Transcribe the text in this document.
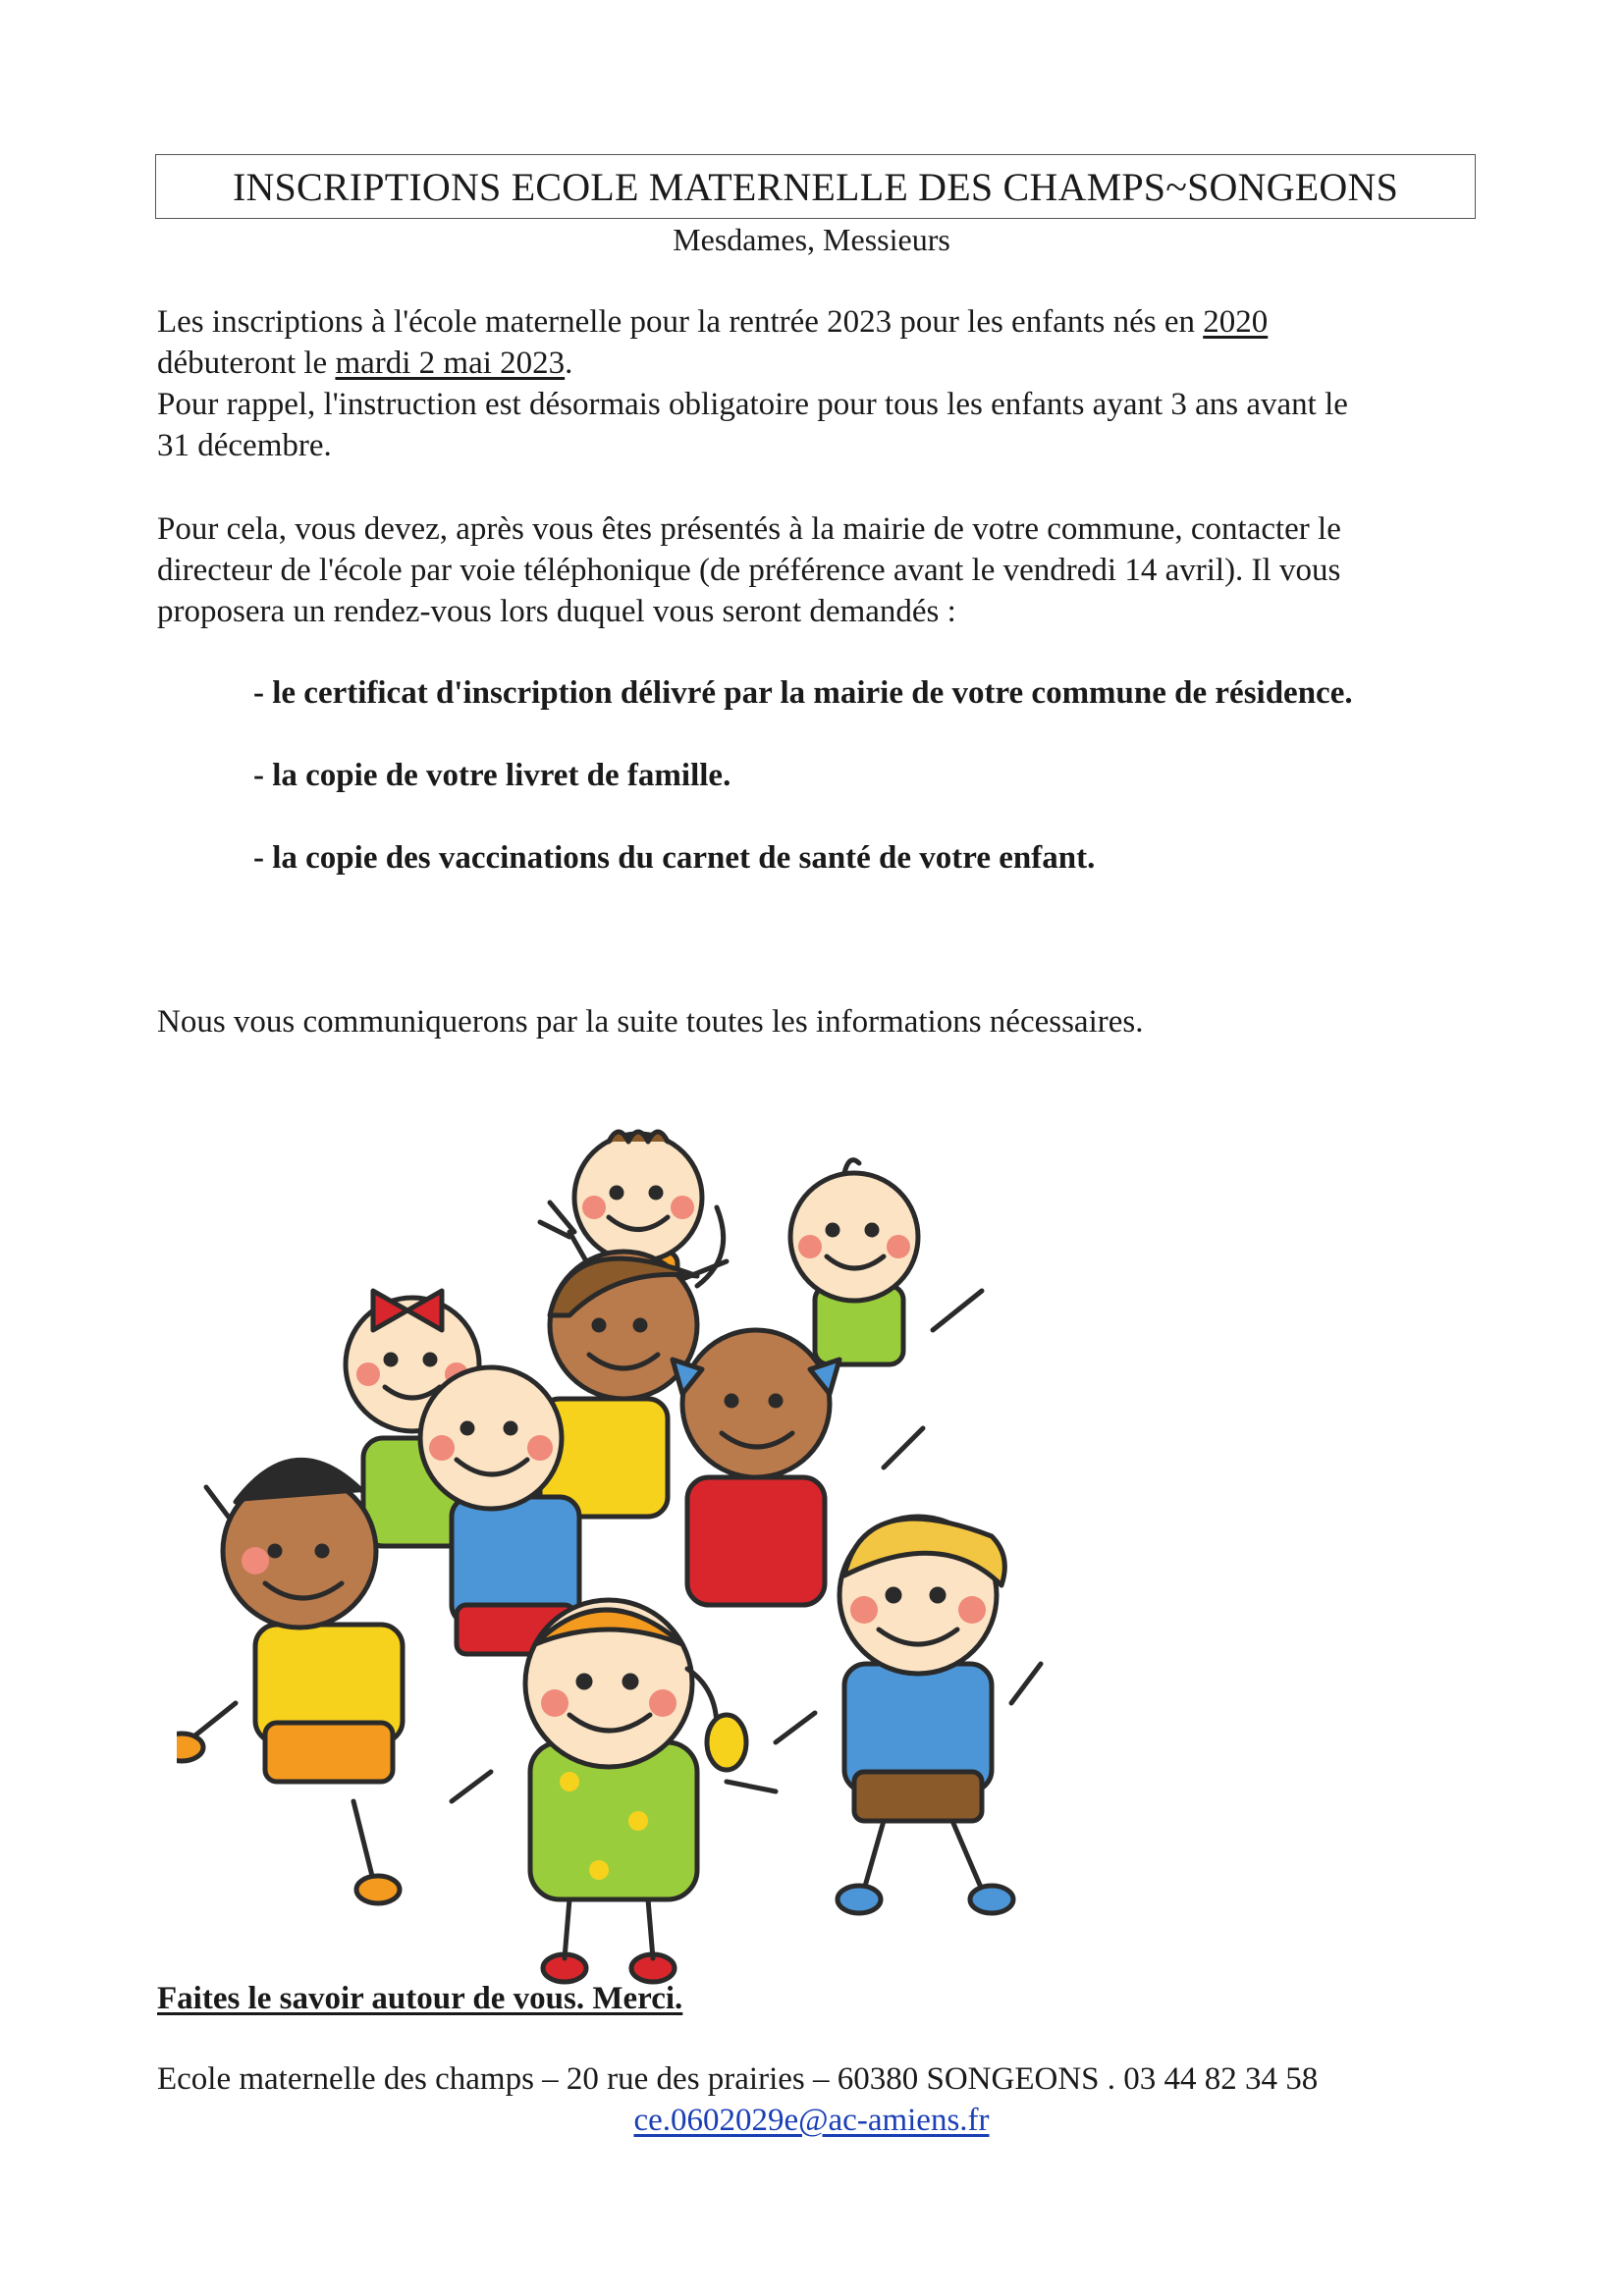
INSCRIPTIONS ECOLE MATERNELLE DES CHAMPS~SONGEONS
Mesdames, Messieurs

Les inscriptions à l'école maternelle pour la rentrée 2023 pour les enfants nés en 2020

débuteront le mardi 2 mai 2023.

Pour rappel, l'instruction est désormais obligatoire pour tous les enfants ayant 3 ans avant le

31 décembre.

Pour cela, vous devez, après vous êtes présentés à la mairie de votre commune, contacter le

directeur de l'école par voie téléphonique (de préférence avant le vendredi 14 avril). Il vous

proposera un rendez-vous lors duquel vous seront demandés :

- le certificat d'inscription délivré par la mairie de votre commune de résidence.
- la copie de votre livret de famille.
- la copie des vaccinations du carnet de santé de votre enfant.
Nous vous communiquerons par la suite toutes les informations nécessaires.
Faites le savoir autour de vous. Merci.
Ecole maternelle des champs – 20 rue des prairies – 60380 SONGEONS . 03 44 82 34 58
ce.0602029e@ac-amiens.fr
